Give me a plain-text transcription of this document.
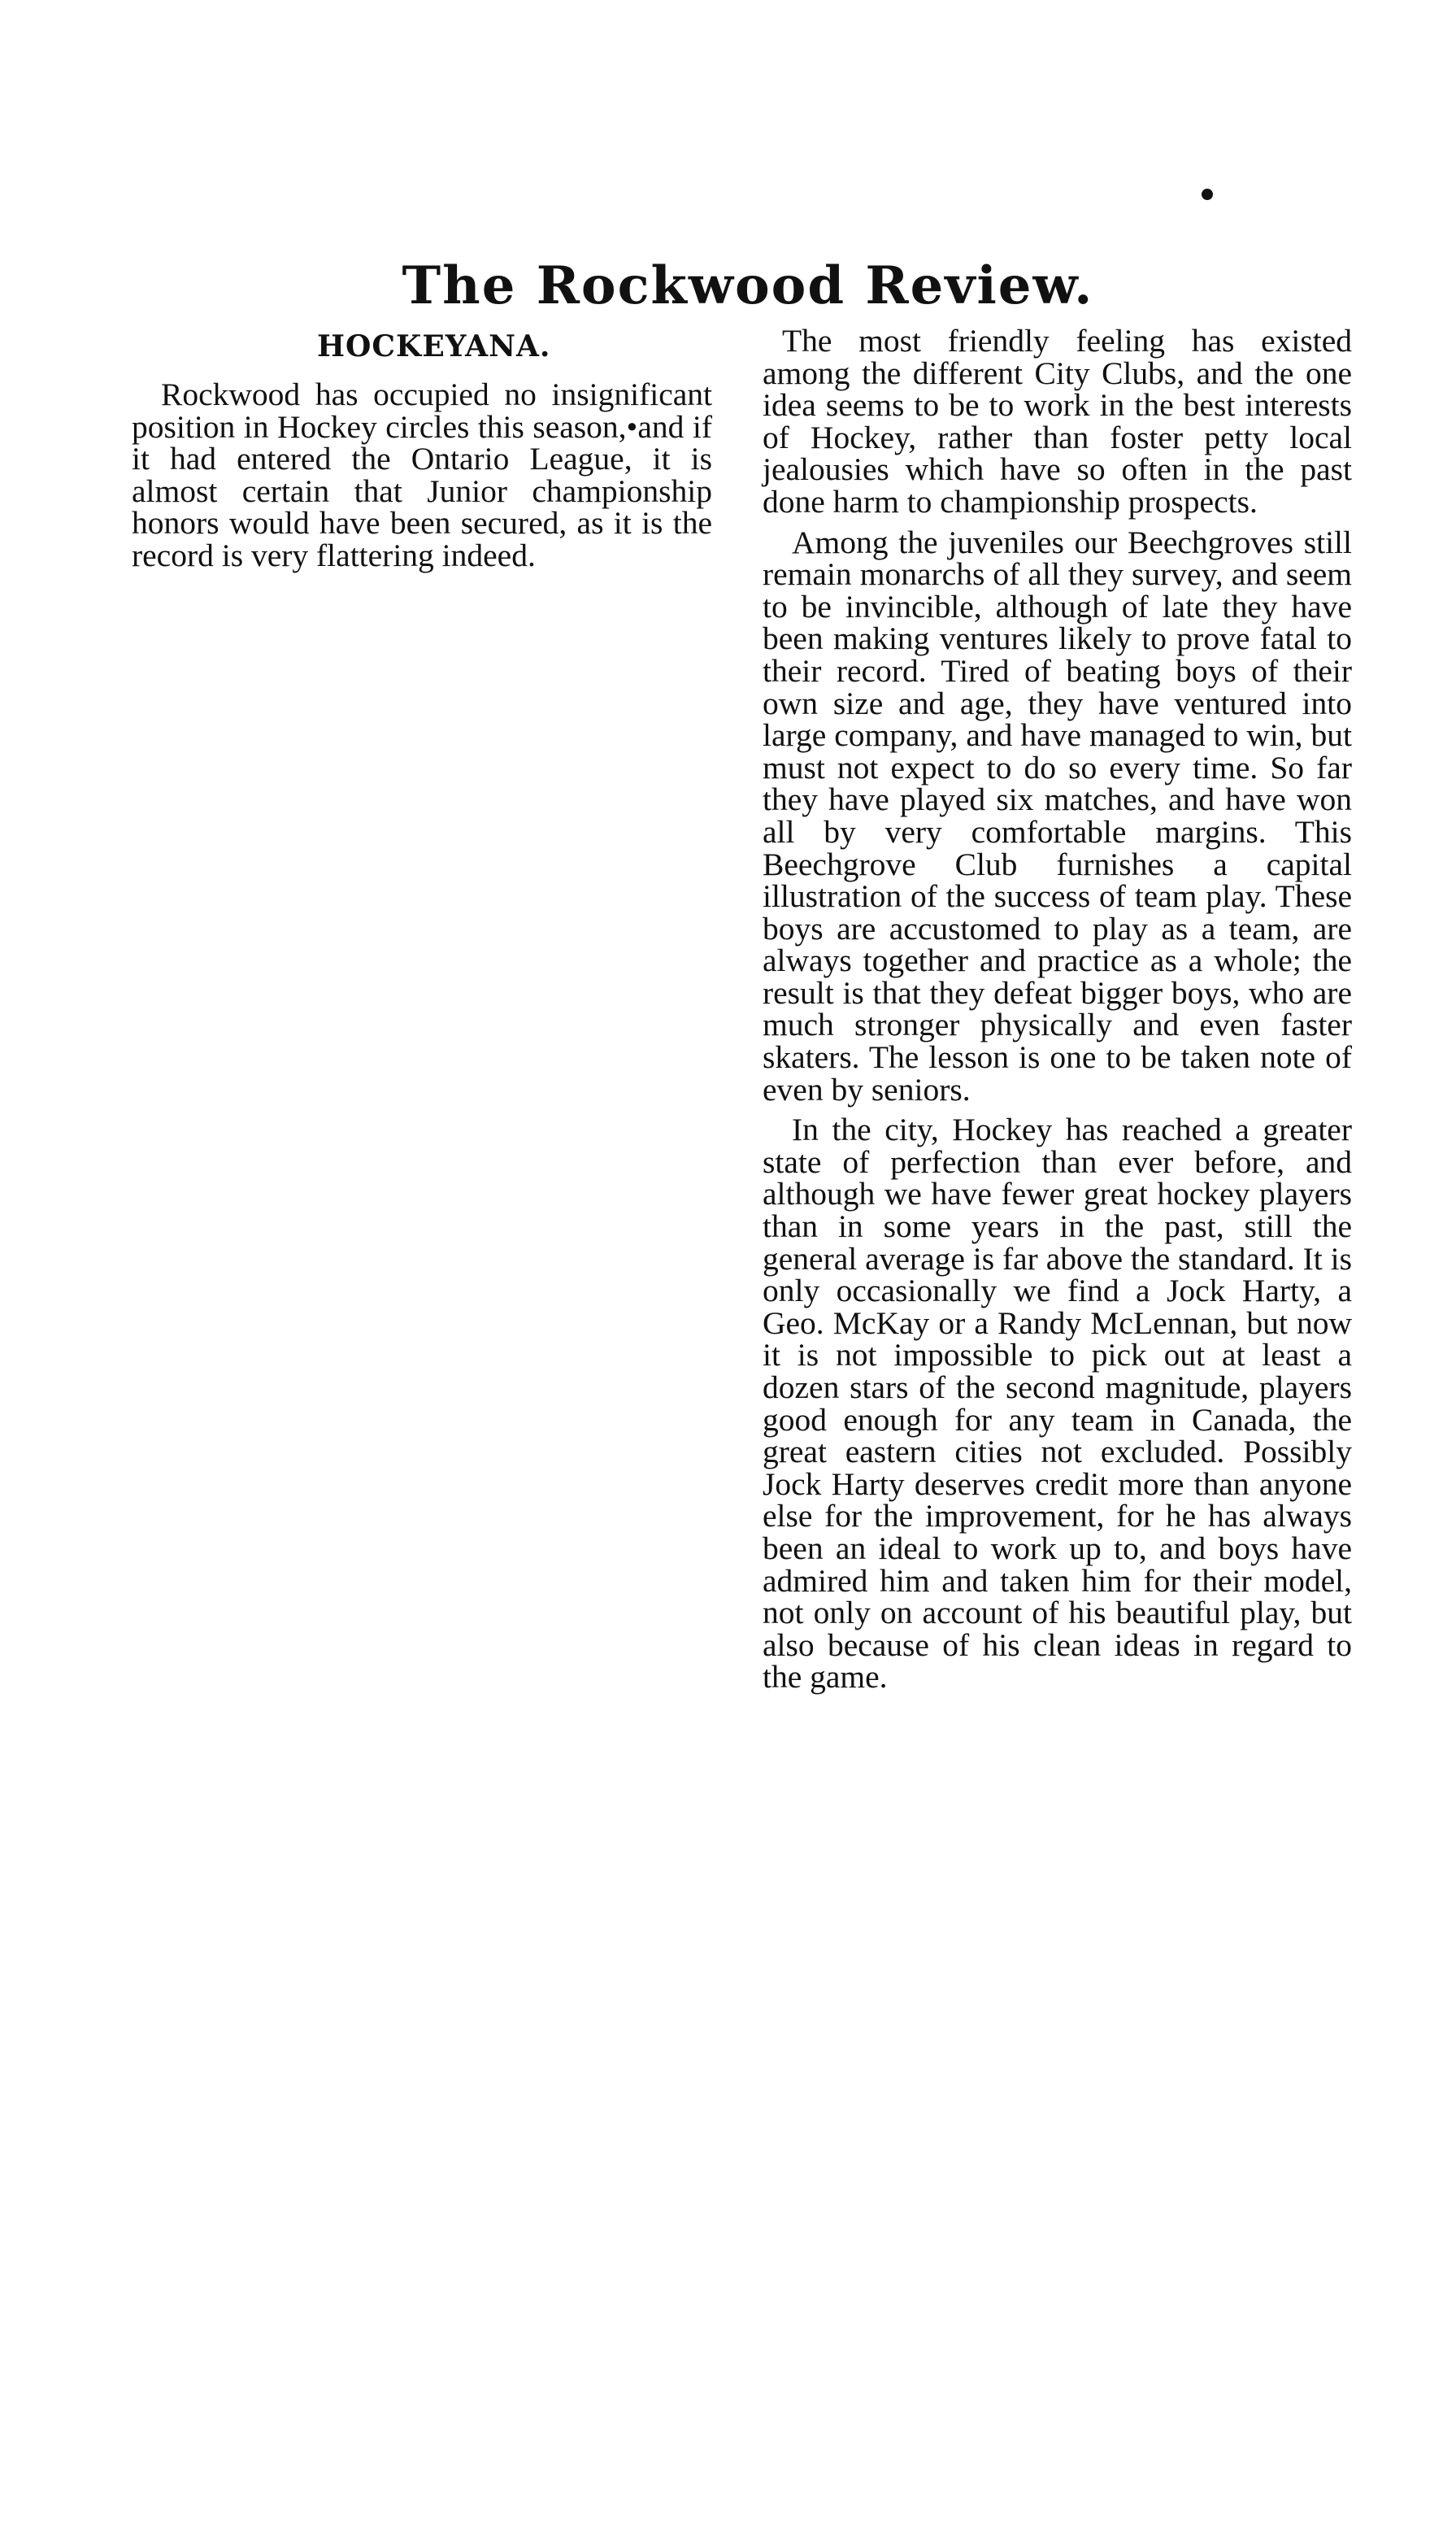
The Rockwood Review.
HOCKEYANA.

Rockwood has occupied no insignificant position in Hockey circles this season,•and if it had entered the Ontario League, it is almost certain that Junior championship honors would have been secured, as it is the record is very flattering indeed.

The most friendly feeling has existed among the different City Clubs, and the one idea seems to be to work in the best interests of Hockey, rather than foster petty local jealousies which have so often in the past done harm to championship prospects.

Among the juveniles our Beechgroves still remain monarchs of all they survey, and seem to be invincible, although of late they have been making ventures likely to prove fatal to their record. Tired of beating boys of their own size and age, they have ventured into large company, and have managed to win, but must not expect to do so every time. So far they have played six matches, and have won all by very comfortable margins. This Beechgrove Club furnishes a capital illustration of the success of team play. These boys are accustomed to play as a team, are always together and practice as a whole; the result is that they defeat bigger boys, who are much stronger physically and even faster skaters. The lesson is one to be taken note of even by seniors.

In the city, Hockey has reached a greater state of perfection than ever before, and although we have fewer great hockey players than in some years in the past, still the general average is far above the standard. It is only occasionally we find a Jock Harty, a Geo. McKay or a Randy McLennan, but now it is not impossible to pick out at least a dozen stars of the second magnitude, players good enough for any team in Canada, the great eastern cities not excluded. Possibly Jock Harty deserves credit more than anyone else for the improvement, for he has always been an ideal to work up to, and boys have admired him and taken him for their model, not only on account of his beautiful play, but also because of his clean ideas in regard to the game.
